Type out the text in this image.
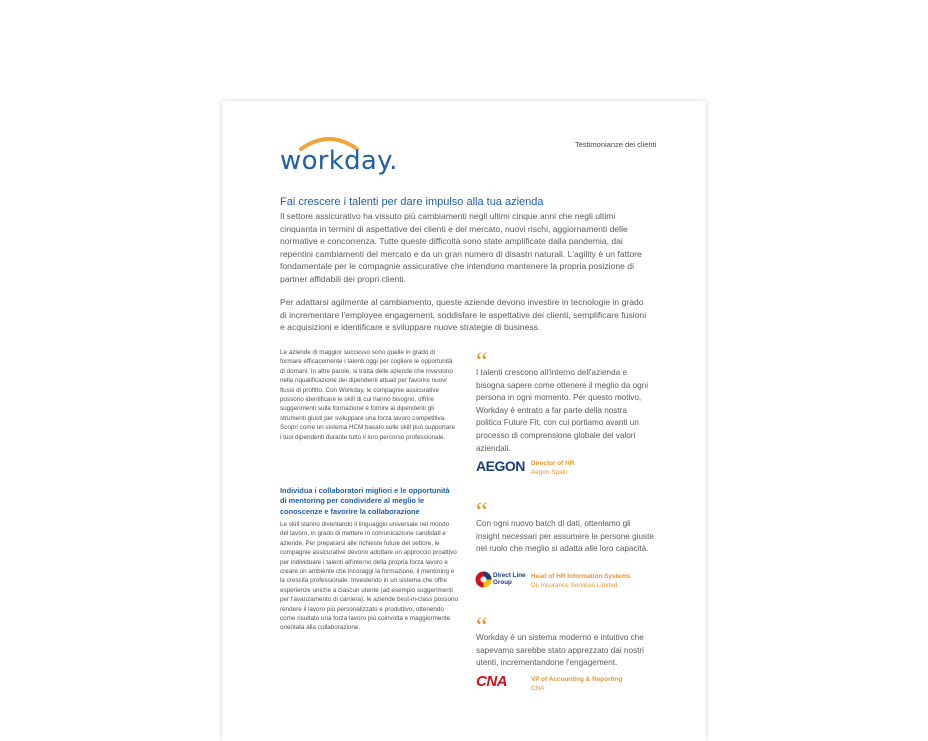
workday.
Testimonianze dei clienti
Fai crescere i talenti per dare impulso alla tua azienda
Il settore assicurativo ha vissuto più cambiamenti negli ultimi cinque anni che negli ultimi cinquanta in termini di aspettative dei clienti e del mercato, nuovi rischi, aggiornamenti delle normative e concorrenza. Tutte queste difficoltà sono state amplificate dalla pandemia, dai repentini cambiamenti del mercato e da un gran numero di disastri naturali. L'agility è un fattore fondamentale per le compagnie assicurative che intendono mantenere la propria posizione di partner affidabili dei propri clienti.
Per adattarsi agilmente al cambiamento, queste aziende devono investire in tecnologie in grado di incrementare l'employee engagement, soddisfare le aspettative dei clienti, semplificare fusioni e acquisizioni e identificare e sviluppare nuove strategie di business.
Le aziende di maggior successo sono quelle in grado di formare efficacemente i talenti oggi per cogliere le opportunità di domani. In altre parole, si tratta delle aziende che investono nella riqualificazione dei dipendenti attuali per favorire nuovi flussi di profitto. Con Workday, le compagnie assicurative possono identificare le skill di cui hanno bisogno, offrire suggerimenti sulla formazione e fornire ai dipendenti gli strumenti giusti per sviluppare una forza lavoro competitiva. Scopri come un sistema HCM basato sulle skill può supportare i tuoi dipendenti durante tutto il loro percorso professionale.
Individua i collaboratori migliori e le opportunità di mentoring per condividere al meglio le conoscenze e favorire la collaborazione
Le skill stanno diventando il linguaggio universale nel mondo del lavoro, in grado di mettere in comunicazione candidati e aziende. Per prepararsi alle richieste future del settore, le compagnie assicurative devono adottare un approccio proattivo per individuare i talenti all'interno della propria forza lavoro e creare un ambiente che incoraggi la formazione, il mentoring e la crescita professionale. Investendo in un sistema che offre esperienze uniche a ciascun utente (ad esempio suggerimenti per l'avanzamento di carriera), le aziende best-in-class possono rendere il lavoro più personalizzato e produttivo, ottenendo come risultato una forza lavoro più coinvolta e maggiormente orientata alla collaborazione.
“
I talenti crescono all'interno dell'azienda e bisogna sapere come ottenere il meglio da ogni persona in ogni momento. Per questo motivo, Workday è entrato a far parte della nostra politica Future Fit, con cui portiamo avanti un processo di comprensione globale dei valori aziendali.
AEGON Director of HR
Aegon Spain
“
Con ogni nuovo batch di dati, otteniamo gli insight necessari per assumere le persone giuste nel ruolo che meglio si adatta alle loro capacità.
Direct Line
Group
Head of HR Information Systems
DL Insurance Services Limited
“
Workday è un sistema moderno e intuitivo che sapevamo sarebbe stato apprezzato dai nostri utenti, incrementandone l'engagement.
CNA	VP of Accounting & Reporting
CNA
